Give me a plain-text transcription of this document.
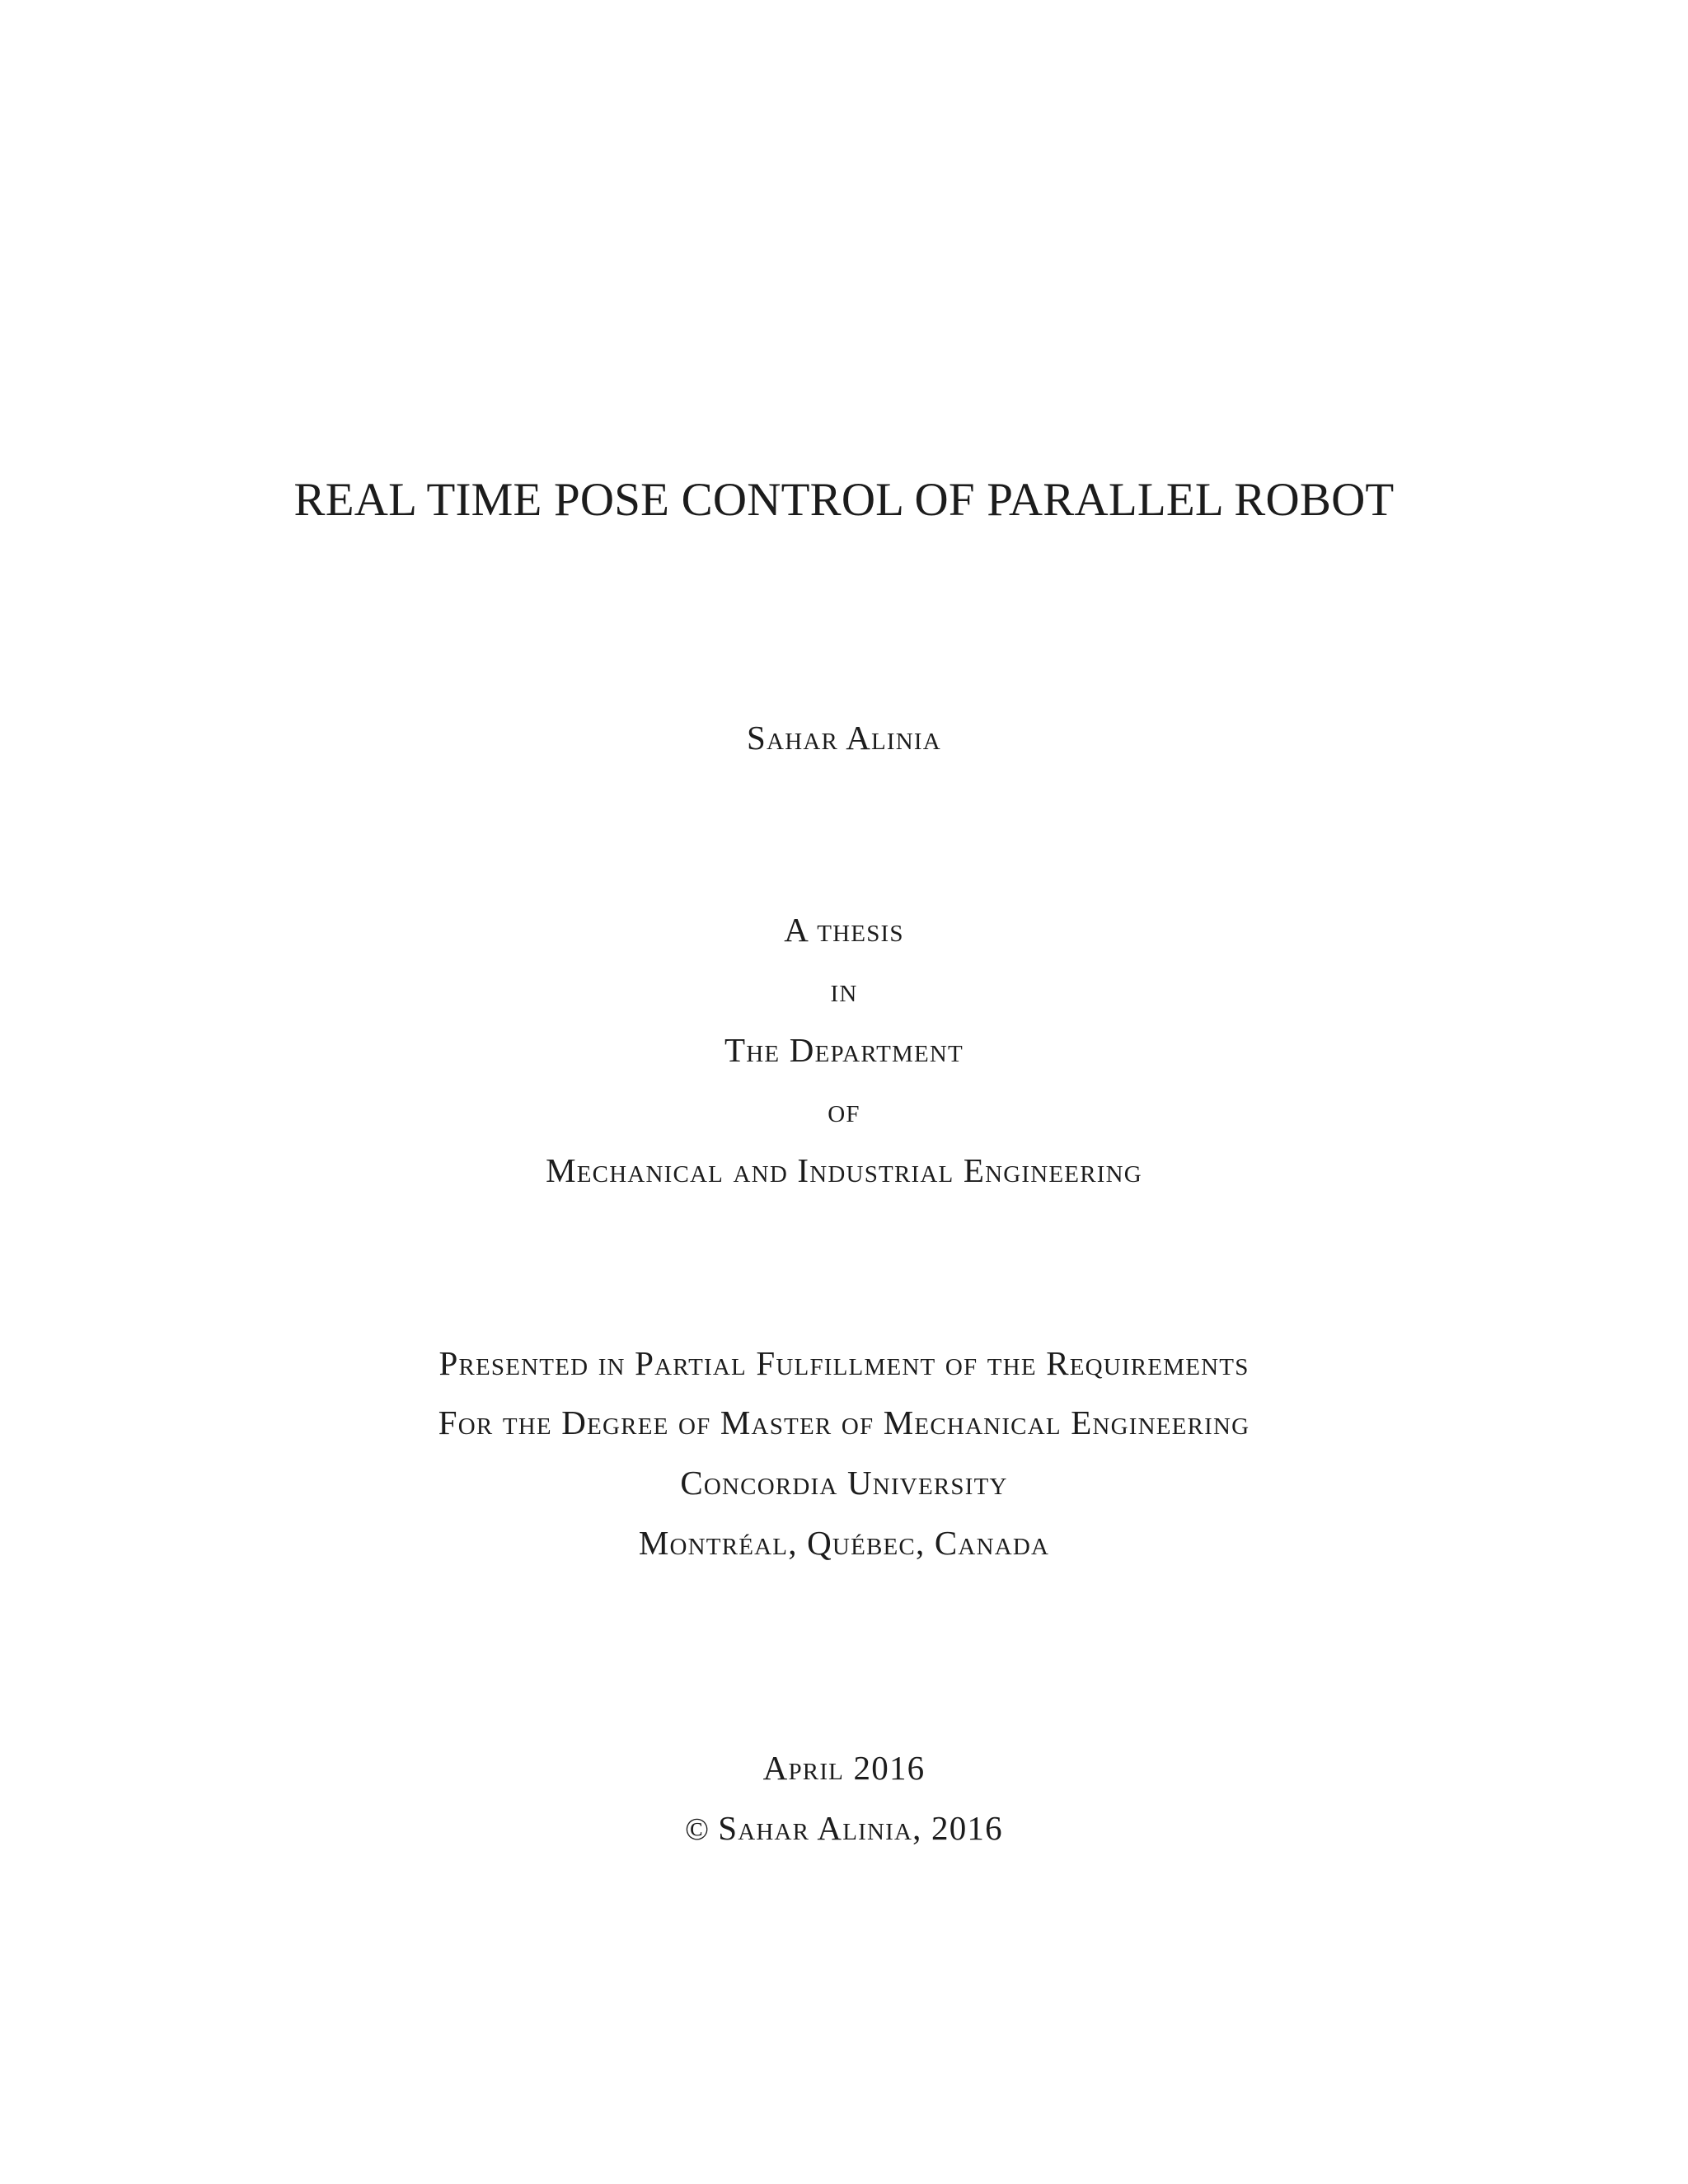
REAL TIME POSE CONTROL OF PARALLEL ROBOT

Sahar Alinia

A thesis

in

The Department

of

Mechanical and Industrial Engineering

Presented in Partial Fulfillment of the Requirements

For the Degree of Master of Mechanical Engineering

Concordia University

Montréal, Québec, Canada

April 2016

© Sahar Alinia, 2016
